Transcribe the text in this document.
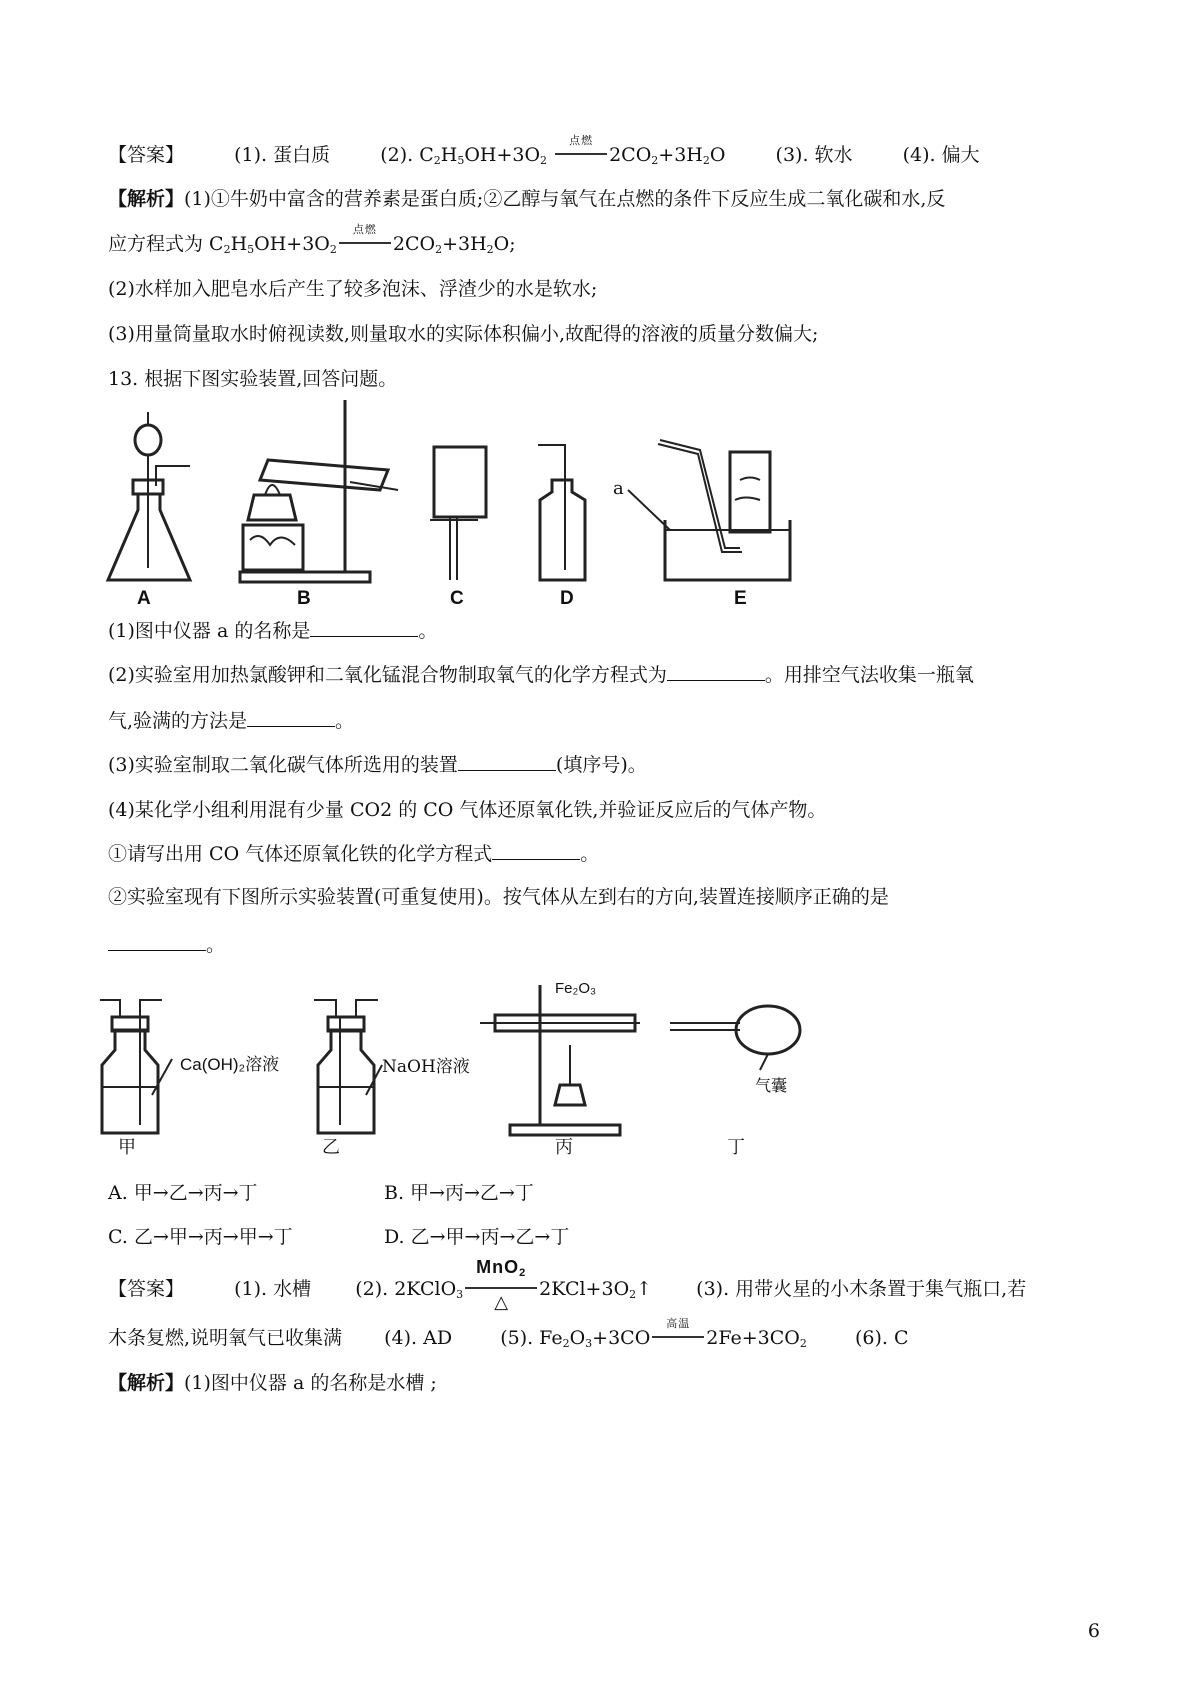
【答案】	(1). 蛋白质	(2). $C_2H_5OH+3O_2$
点燃
$2CO_2+3H_2O$	(3). 软水	(4). 偏大
【解析】(1)①牛奶中富含的营养素是蛋白质;②乙醇与氧气在点燃的条件下反应生成二氧化碳和水,反
应方程式为 $C_2H_5OH+3O_2$
点燃
$2CO_2+3H_2O$;
(2)水样加入肥皂水后产生了较多泡沫、浮渣少的水是软水;
(3)用量筒量取水时俯视读数,则量取水的实际体积偏小,故配得的溶液的质量分数偏大;
13. 根据下图实验装置,回答问题。
A	B	C	D	E
a
(1)图中仪器 a 的名称是	。
(2)实验室用加热氯酸钾和二氧化锰混合物制取氧气的化学方程式为	。用排空气法收集一瓶氧
气,验满的方法是	。
(3)实验室制取二氧化碳气体所选用的装置	(填序号)。
(4)某化学小组利用混有少量 CO2 的 CO 气体还原氧化铁,并验证反应后的气体产物。
①请写出用 CO 气体还原氧化铁的化学方程式	。
②实验室现有下图所示实验装置(可重复使用)。按气体从左到右的方向,装置连接顺序正确的是
。
Ca(OH)₂溶液	NaOH溶液
Fe₂O₃
气囊
甲	乙	丙	丁
A. 甲→乙→丙→丁	B. 甲→丙→乙→丁
C. 乙→甲→丙→甲→丁	D. 乙→甲→丙→乙→丁
【答案】	(1). 水槽 (2). 2KClO$_3$
MnO$_2$
△
$2KCl+3O_2↑$ (3). 用带火星的小木条置于集气瓶口,若
木条复燃,说明氧气已收集满 (4). AD	(5). $Fe_2O_3+3CO$
高温
$2Fe+3CO_2$	(6). C
【解析】(1)图中仪器 a 的名称是水槽 ;
6
